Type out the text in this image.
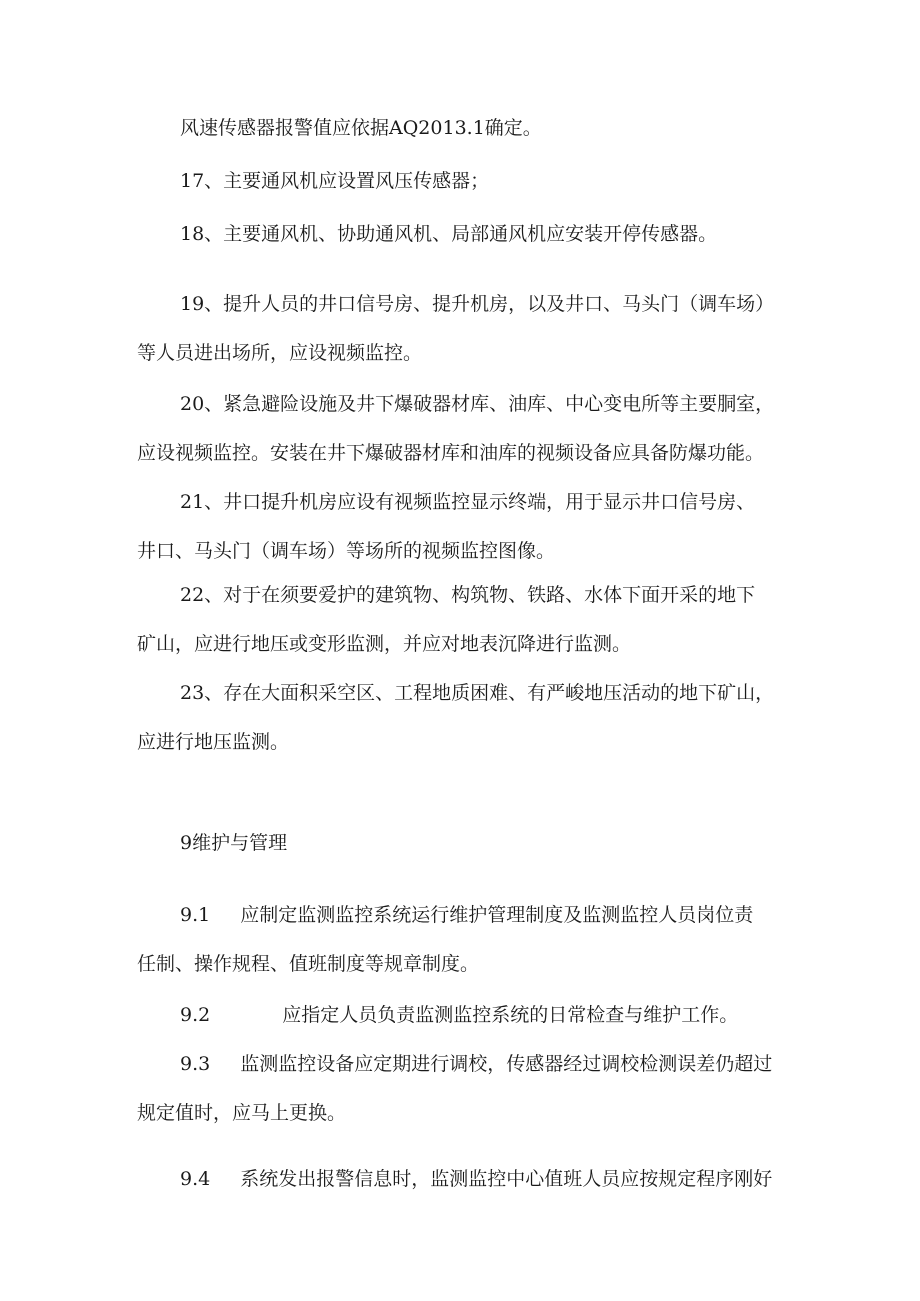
风速传感器报警值应依据AQ2013.1确定。
17、主要通风机应设置风压传感器；
18、主要通风机、协助通风机、局部通风机应安装开停传感器。
19、提升人员的井口信号房、提升机房，以及井口、马头门（调车场）
等人员进出场所，应设视频监控。
20、紧急避险设施及井下爆破器材库、油库、中心变电所等主要胴室，
应设视频监控。安装在井下爆破器材库和油库的视频设备应具备防爆功能。
21、井口提升机房应设有视频监控显示终端，用于显示井口信号房、
井口、马头门（调车场）等场所的视频监控图像。
22、对于在须要爱护的建筑物、构筑物、铁路、水体下面开采的地下
矿山，应进行地压或变形监测，并应对地表沉降进行监测。
23、存在大面积采空区、工程地质困难、有严峻地压活动的地下矿山，
应进行地压监测。
9维护与管理
9.1 应制定监测监控系统运行维护管理制度及监测监控人员岗位责
任制、操作规程、值班制度等规章制度。
9.2	应指定人员负责监测监控系统的日常检查与维护工作。
9.3 监测监控设备应定期进行调校，传感器经过调校检测误差仍超过
规定值时，应马上更换。
9.4 系统发出报警信息时，监测监控中心值班人员应按规定程序刚好
